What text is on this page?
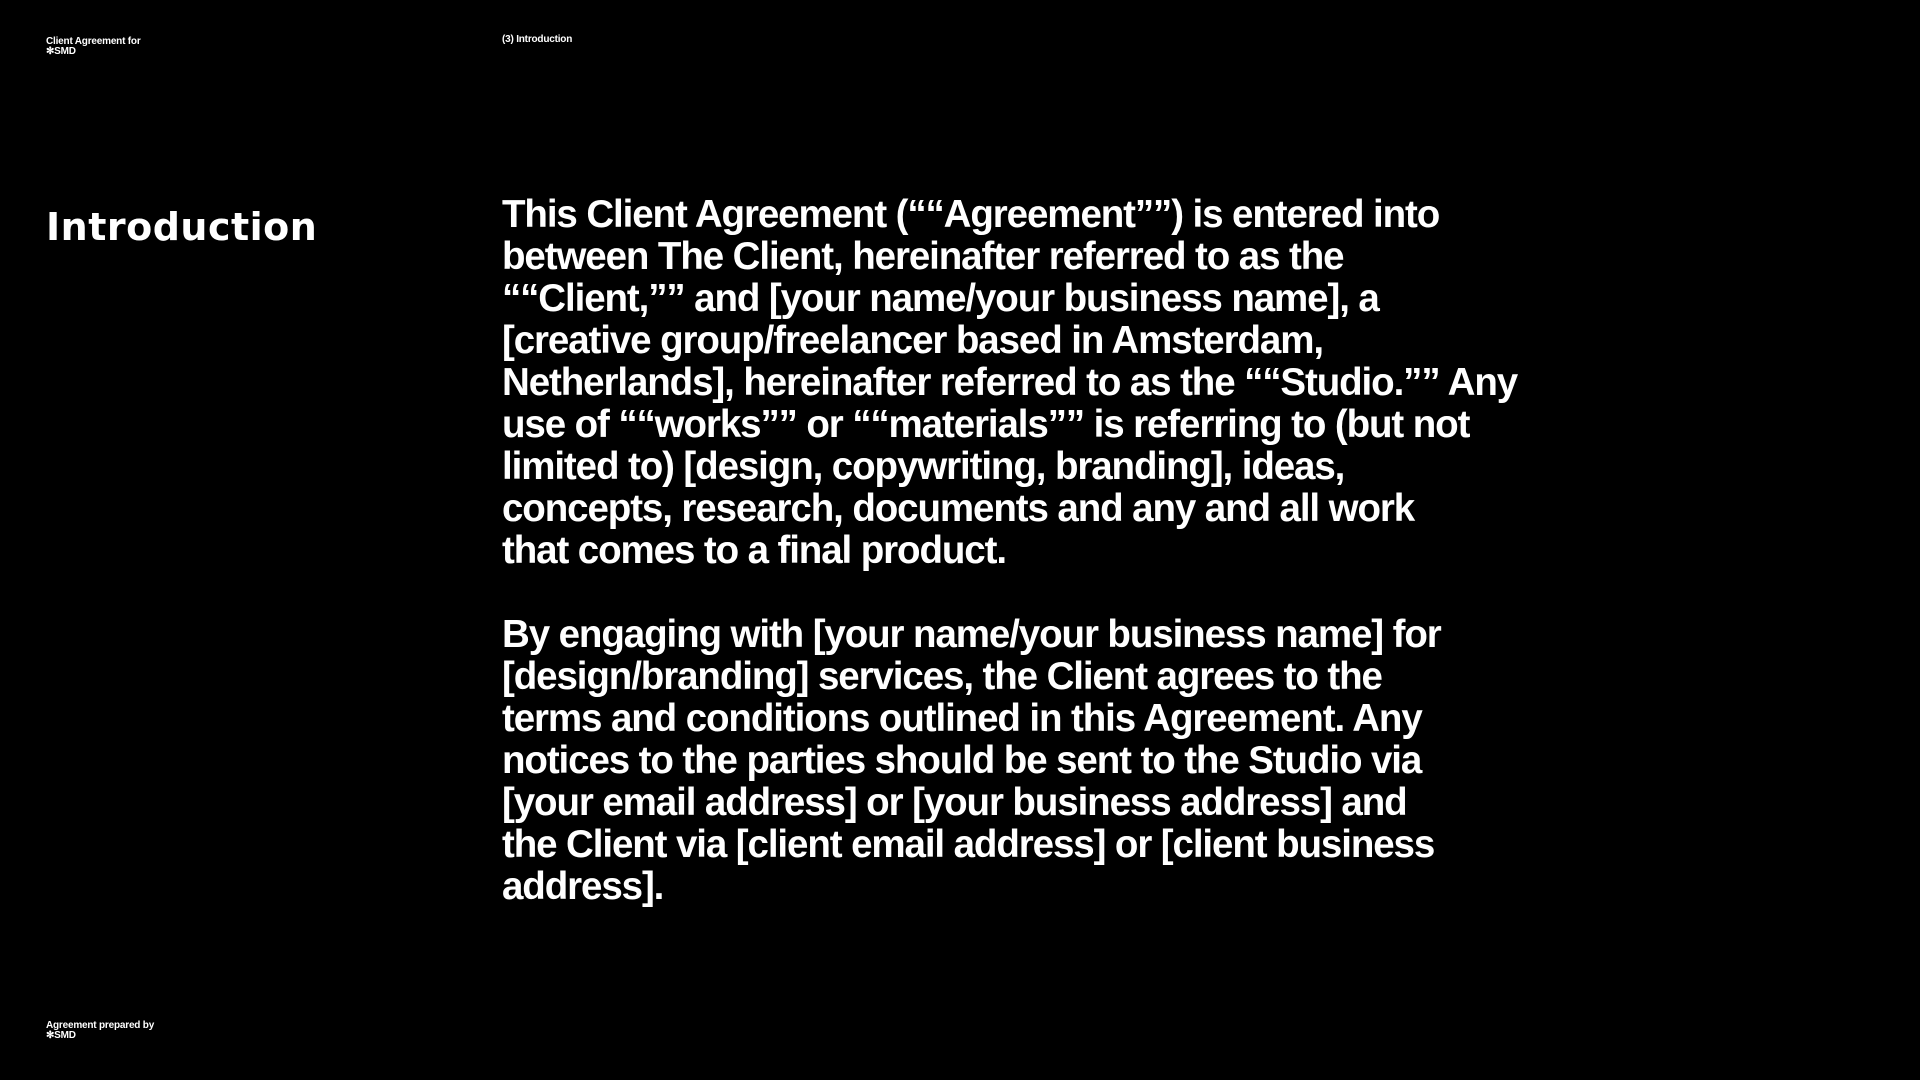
Client Agreement for
✻SMD
(3) Introduction
Introduction	This Client Agreement (““Agreement””) is entered into
between The Client, hereinafter referred to as the
““Client,”” and [your name/your business name], a
[creative group/freelancer based in Amsterdam,
Netherlands], hereinafter referred to as the ““Studio.”” Any
use of ““works”” or ““materials”” is referring to (but not
limited to) [design, copywriting, branding], ideas,
concepts, research, documents and any and all work
that comes to a final product.

By engaging with [your name/your business name] for
[design/branding] services, the Client agrees to the
terms and conditions outlined in this Agreement. Any
notices to the parties should be sent to the Studio via
[your email address] or [your business address] and
the Client via [client email address] or [client business
address].

Agreement prepared by
✻SMD
